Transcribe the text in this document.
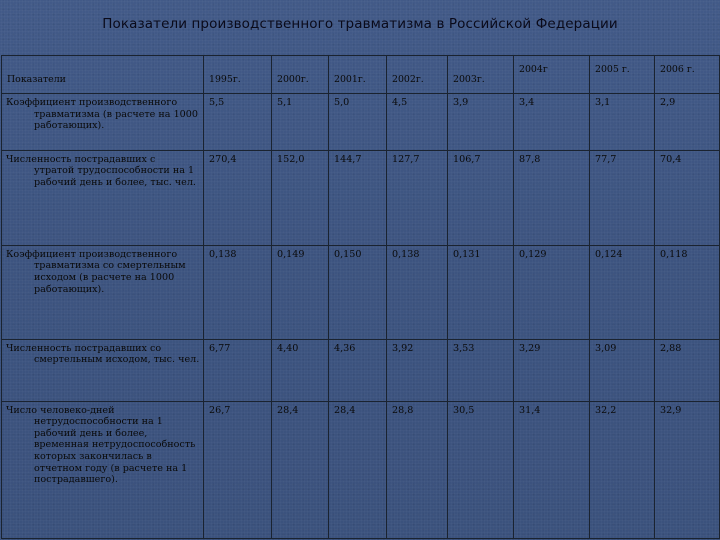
Показатели производственного травматизма в Российской Федерации
Показатели	1995г.	2000г.	2001г.	2002г.	2003г.	2004г	2005 г.	2006 г.

Коэффициент производственного
травматизма (в расчете на 1000 работающих).	5,5	5,1	5,0	4,5	3,9	3,4	3,1	2,9

Численность пострадавших с
утратой трудоспособности на 1 рабочий день и более, тыс. чел.	270,4	152,0	144,7	127,7	106,7	87,8	77,7	70,4

Коэффициент производственного
травматизма со смертельным исходом (в расчете на 1000 работающих).	0,138	0,149	0,150	0,138	0,131	0,129	0,124	0,118

Численность пострадавших со
смертельным исходом, тыс. чел.	6,77	4,40	4,36	3,92	3,53	3,29	3,09	2,88

Число человеко-дней
нетрудоспособности на 1 рабочий день и более, временная нетрудоспособность которых закончилась в отчетном году (в расчете на 1 пострадавшего).	26,7	28,4	28,4	28,8	30,5	31,4	32,2	32,9
